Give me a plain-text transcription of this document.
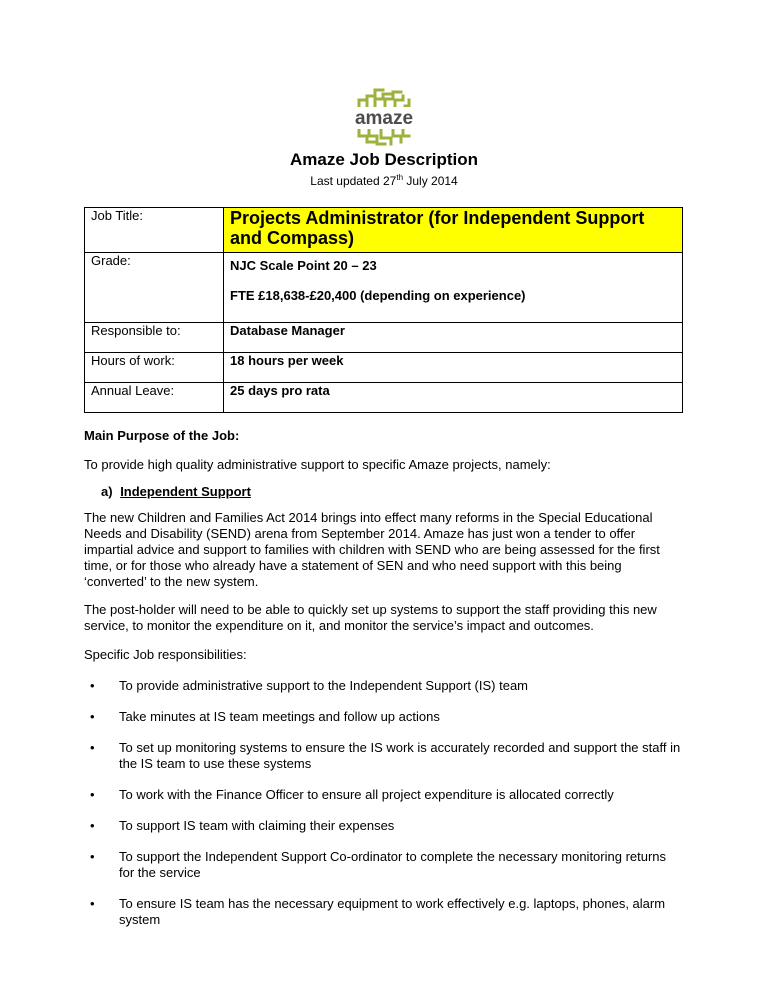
amaze
Amaze Job Description
Last updated 27th July 2014
Job Title:	Projects Administrator (for Independent Support and Compass)
Grade:	NJC Scale Point 20 – 23
FTE £18,638-£20,400 (depending on experience)

Responsible to:	Database Manager
Hours of work:	18 hours per week
Annual Leave:	25 days pro rata

Main Purpose of the Job:

To provide high quality administrative support to specific Amaze projects, namely:

a) Independent Support

The new Children and Families Act 2014 brings into effect many reforms in the Special Educational Needs and Disability (SEND) arena from September 2014. Amaze has just won a tender to offer impartial advice and support to families with children with SEND who are being assessed for the first time, or for those who already have a statement of SEN and who need support with this being ‘converted’ to the new system.

The post-holder will need to be able to quickly set up systems to support the staff providing this new service, to monitor the expenditure on it, and monitor the service’s impact and outcomes.

Specific Job responsibilities:

• To provide administrative support to the Independent Support (IS) team
• Take minutes at IS team meetings and follow up actions
• To set up monitoring systems to ensure the IS work is accurately recorded and support the staff in the IS team to use these systems
• To work with the Finance Officer to ensure all project expenditure is allocated correctly
• To support IS team with claiming their expenses
• To support the Independent Support Co-ordinator to complete the necessary monitoring returns for the service
• To ensure IS team has the necessary equipment to work effectively e.g. laptops, phones, alarm system
